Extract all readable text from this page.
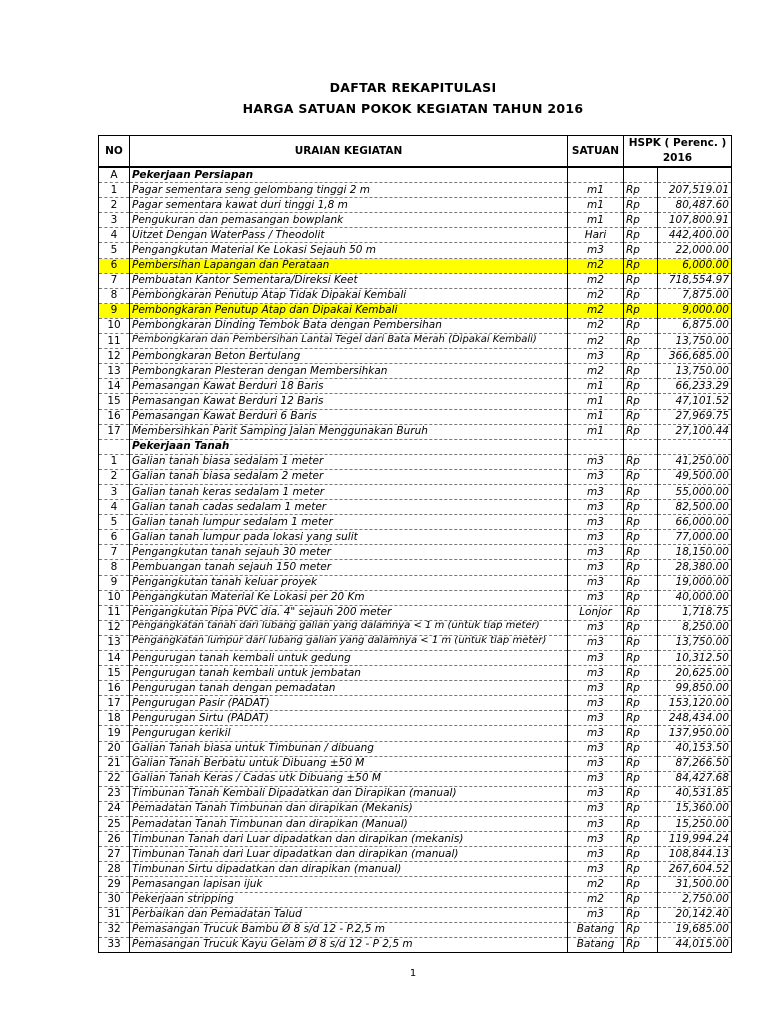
DAFTAR REKAPITULASI
HARGA SATUAN POKOK KEGIATAN TAHUN 2016
NO	URAIAN KEGIATAN	SATUAN	HSPK ( Perenc. )
2016	

A	Pekerjaan Persiapan			
1	Pagar sementara seng gelombang tinggi 2 m	m1	Rp	207,519.01
2	Pagar sementara kawat duri tinggi 1,8 m	m1	Rp	80,487.60
3	Pengukuran dan pemasangan bowplank	m1	Rp	107,800.91
4	Uitzet Dengan WaterPass / Theodolit	Hari	Rp	442,400.00
5	Pengangkutan Material Ke Lokasi Sejauh 50 m	m3	Rp	22,000.00
6	Pembersihan Lapangan dan Perataan	m2	Rp	6,000.00
7	Pembuatan Kantor Sementara/Direksi Keet	m2	Rp	718,554.97
8	Pembongkaran Penutup Atap Tidak Dipakai Kembali	m2	Rp	7,875.00
9	Pembongkaran Penutup Atap dan Dipakai Kembali	m2	Rp	9,000.00
10	Pembongkaran Dinding Tembok Bata dengan Pembersihan	m2	Rp	6,875.00
11	Pembongkaran dan Pembersihan Lantai Tegel dari Bata Merah (Dipakai Kembali)	m2	Rp	13,750.00
12	Pembongkaran Beton Bertulang	m3	Rp	366,685.00
13	Pembongkaran Plesteran dengan Membersihkan	m2	Rp	13,750.00
14	Pemasangan Kawat Berduri 18 Baris	m1	Rp	66,233.29
15	Pemasangan Kawat Berduri 12 Baris	m1	Rp	47,101.52
16	Pemasangan Kawat Berduri 6 Baris	m1	Rp	27,969.75
17	Membersihkan Parit Samping Jalan Menggunakan Buruh	m1	Rp	27,100.44
	Pekerjaan Tanah			
1	Galian tanah biasa sedalam 1 meter	m3	Rp	41,250.00
2	Galian tanah biasa sedalam 2 meter	m3	Rp	49,500.00
3	Galian tanah keras sedalam 1 meter	m3	Rp	55,000.00
4	Galian tanah cadas sedalam 1 meter	m3	Rp	82,500.00
5	Galian tanah lumpur sedalam 1 meter	m3	Rp	66,000.00
6	Galian tanah lumpur pada lokasi yang sulit	m3	Rp	77,000.00
7	Pengangkutan tanah sejauh 30 meter	m3	Rp	18,150.00
8	Pembuangan tanah sejauh 150 meter	m3	Rp	28,380.00
9	Pengangkutan tanah keluar proyek	m3	Rp	19,000.00
10	Pengangkutan Material Ke Lokasi per 20 Km	m3	Rp	40,000.00
11	Pengangkutan Pipa PVC dia. 4" sejauh 200 meter	Lonjor	Rp	1,718.75
12	Pengangkatan tanah dari lubang galian yang dalamnya < 1 m (untuk tiap meter)	m3	Rp	8,250.00
13	Pengangkatan lumpur dari lubang galian yang dalamnya < 1 m (untuk tiap meter)	m3	Rp	13,750.00
14	Pengurugan tanah kembali untuk gedung	m3	Rp	10,312.50
15	Pengurugan tanah kembali untuk jembatan	m3	Rp	20,625.00
16	Pengurugan tanah dengan pemadatan	m3	Rp	99,850.00
17	Pengurugan Pasir (PADAT)	m3	Rp	153,120.00
18	Pengurugan Sirtu (PADAT)	m3	Rp	248,434.00
19	Pengurugan kerikil	m3	Rp	137,950.00
20	Galian Tanah biasa untuk Timbunan / dibuang	m3	Rp	40,153.50
21	Galian Tanah Berbatu untuk Dibuang ±50 M	m3	Rp	87,266.50
22	Galian Tanah Keras / Cadas utk Dibuang ±50 M	m3	Rp	84,427.68
23	Timbunan Tanah Kembali Dipadatkan dan Dirapikan (manual)	m3	Rp	40,531.85
24	Pemadatan Tanah Timbunan dan dirapikan (Mekanis)	m3	Rp	15,360.00
25	Pemadatan Tanah Timbunan dan dirapikan (Manual)	m3	Rp	15,250.00
26	Timbunan Tanah dari Luar dipadatkan dan dirapikan (mekanis)	m3	Rp	119,994.24
27	Timbunan Tanah dari Luar dipadatkan dan dirapikan (manual)	m3	Rp	108,844.13
28	Timbunan Sirtu dipadatkan dan dirapikan (manual)	m3	Rp	267,604.52
29	Pemasangan lapisan ijuk	m2	Rp	31,500.00
30	Pekerjaan stripping	m2	Rp	2,750.00
31	Perbaikan dan Pemadatan Talud	m3	Rp	20,142.40
32	Pemasangan Trucuk Bambu Ø 8 s/d 12 - P.2,5 m	Batang	Rp	19,685.00
33	Pemasangan Trucuk Kayu Gelam Ø 8 s/d 12 - P 2,5 m	Batang	Rp	44,015.00
1
